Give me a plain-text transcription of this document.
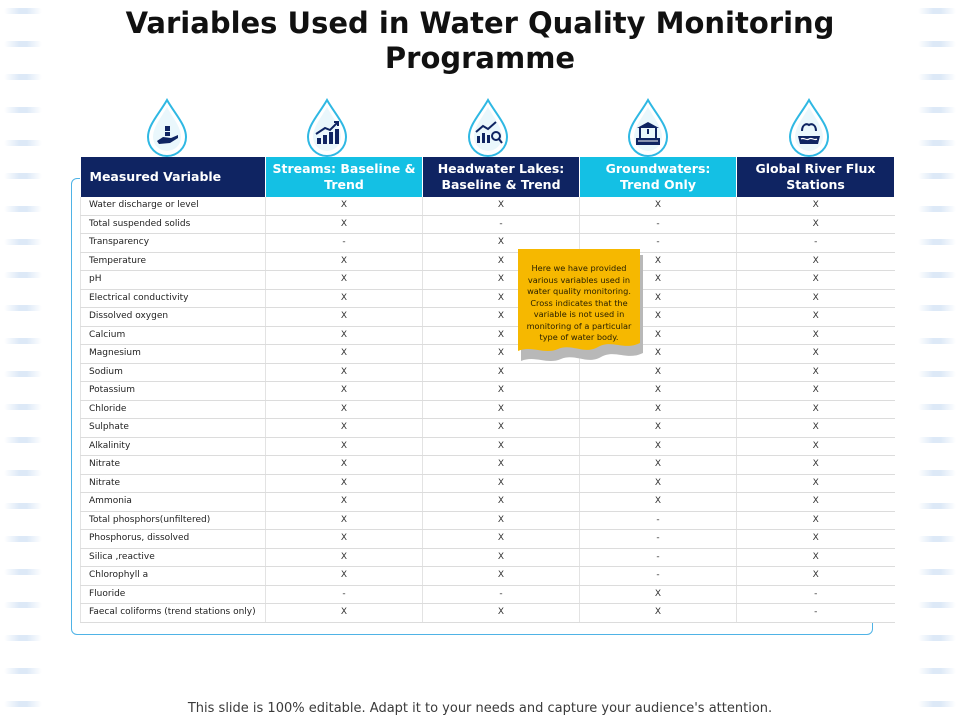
Variables Used in Water Quality Monitoring Programme
Measured Variable	Streams: Baseline & Trend	Headwater Lakes: Baseline & Trend	Groundwaters: Trend Only	Global River Flux Stations
Water discharge or level	X	X	X	X
Total suspended solids	X	-	-	X
Transparency	-	X	-	-
Temperature	X	X	X	X
pH	X	X	X	X
Electrical conductivity	X	X	X	X
Dissolved oxygen	X	X	X	X
Calcium	X	X	X	X
Magnesium	X	X	X	X
Sodium	X	X	X	X
Potassium	X	X	X	X
Chloride	X	X	X	X
Sulphate	X	X	X	X
Alkalinity	X	X	X	X
Nitrate	X	X	X	X
Nitrate	X	X	X	X
Ammonia	X	X	X	X
Total phosphors(unfiltered)	X	X	-	X
Phosphorus, dissolved	X	X	-	X
Silica ,reactive	X	X	-	X
Chlorophyll a	X	X	-	X
Fluoride	-	-	X	-
Faecal coliforms (trend stations only)	X	X	X	-
Here we have provided various variables used in water quality monitoring. Cross indicates that the variable is not used in monitoring of a particular type of water body.
This slide is 100% editable. Adapt it to your needs and capture your audience's attention.
